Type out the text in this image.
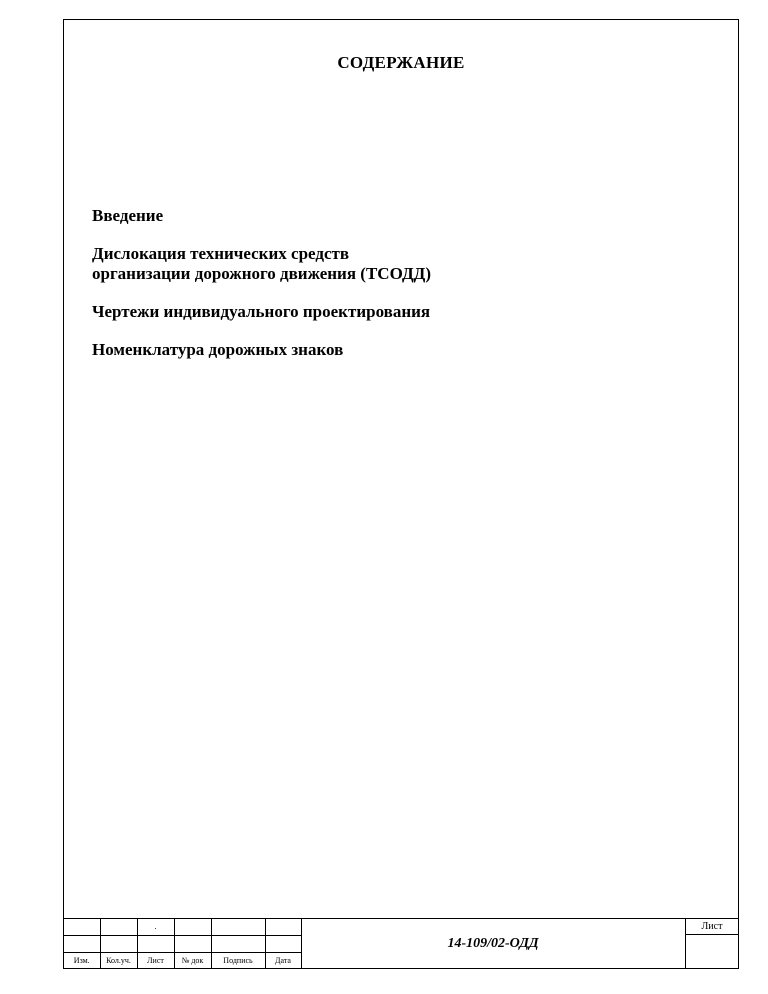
СОДЕРЖАНИЕ
Введение
Дислокация технических средств
организации дорожного движения (ТСОДД)
Чертежи индивидуального проектирования
Номенклатура дорожных знаков
		.			

Изм.	Кол.уч.	Лист	№ док	Подпись	Дата
14-109/02-ОДД
Лист
